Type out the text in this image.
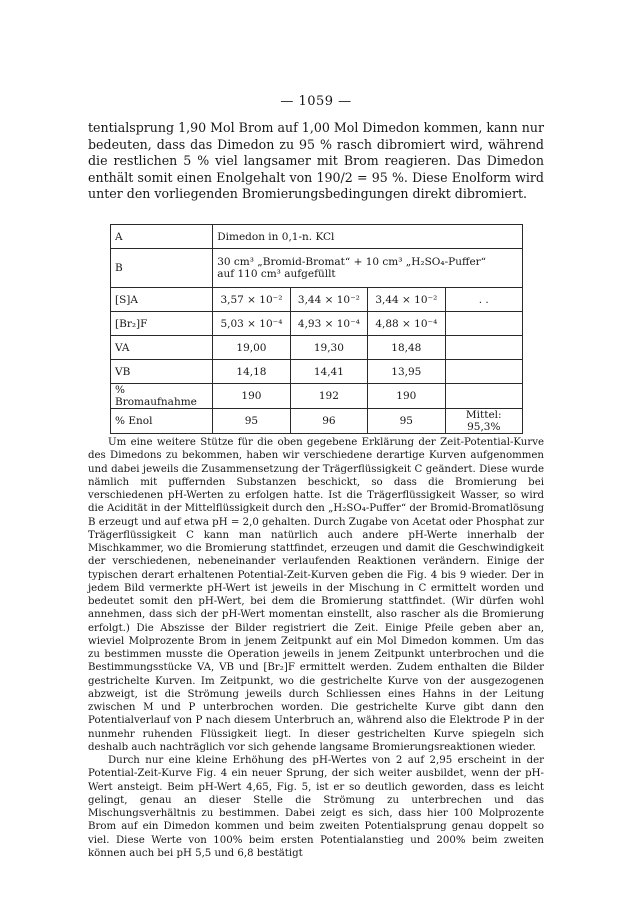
— 1059 —

tentialsprung 1,90 Mol Brom auf 1,00 Mol Dimedon kommen, kann nur bedeuten, dass das Dimedon zu 95 % rasch dibromiert wird, während die restlichen 5 % viel langsamer mit Brom reagieren. Das Dimedon enthält somit einen Enolgehalt von 190/2 = 95 %. Diese Enolform wird unter den vorliegenden Bromierungsbedingungen direkt dibromiert.

A	Dimedon in 0,1-n. KCl			
B	30 cm³ „Bromid-Bromat“ + 10 cm³ „H₂SO₄-Puffer“
auf 110 cm³ aufgefüllt			

[S]A	3,57 × 10⁻²	3,44 × 10⁻²	3,44 × 10⁻²	. .
[Br₂]F	5,03 × 10⁻⁴	4,93 × 10⁻⁴	4,88 × 10⁻⁴	
VA	19,00	19,30	18,48	
VB	14,18	14,41	13,95	
% Bromaufnahme	190	192	190	
% Enol	95	96	95	Mittel: 95,3%

Um eine weitere Stütze für die oben gegebene Erklärung der Zeit-Potential-Kurve des Dimedons zu bekommen, haben wir verschiedene derartige Kurven aufgenommen und dabei jeweils die Zusammensetzung der Trägerflüssigkeit C geändert. Diese wurde nämlich mit puffernden Substanzen beschickt, so dass die Bromierung bei verschiedenen pH-Werten zu erfolgen hatte. Ist die Trägerflüssigkeit Wasser, so wird die Acidität in der Mittelflüssigkeit durch den „H₂SO₄-Puffer“ der Bromid-Bromatlösung B erzeugt und auf etwa pH = 2,0 gehalten. Durch Zugabe von Acetat oder Phosphat zur Trägerflüssigkeit C kann man natürlich auch andere pH-Werte innerhalb der Mischkammer, wo die Bromierung stattfindet, erzeugen und damit die Geschwindigkeit der verschiedenen, nebeneinander verlaufenden Reaktionen verändern. Einige der typischen derart erhaltenen Potential-Zeit-Kurven geben die Fig. 4 bis 9 wieder. Der in jedem Bild vermerkte pH-Wert ist jeweils in der Mischung in C ermittelt worden und bedeutet somit den pH-Wert, bei dem die Bromierung stattfindet. (Wir dürfen wohl annehmen, dass sich der pH-Wert momentan einstellt, also rascher als die Bromierung erfolgt.) Die Abszisse der Bilder registriert die Zeit. Einige Pfeile geben aber an, wieviel Molprozente Brom in jenem Zeitpunkt auf ein Mol Dimedon kommen. Um das zu bestimmen musste die Operation jeweils in jenem Zeitpunkt unterbrochen und die Bestimmungsstücke VA, VB und [Br₂]F ermittelt werden. Zudem enthalten die Bilder gestrichelte Kurven. Im Zeitpunkt, wo die gestrichelte Kurve von der ausgezogenen abzweigt, ist die Strömung jeweils durch Schliessen eines Hahns in der Leitung zwischen M und P unterbrochen worden. Die gestrichelte Kurve gibt dann den Potentialverlauf von P nach diesem Unterbruch an, während also die Elektrode P in der nunmehr ruhenden Flüssigkeit liegt. In dieser gestrichelten Kurve spiegeln sich deshalb auch nachträglich vor sich gehende langsame Bromierungsreaktionen wieder.

Durch nur eine kleine Erhöhung des pH-Wertes von 2 auf 2,95 erscheint in der Potential-Zeit-Kurve Fig. 4 ein neuer Sprung, der sich weiter ausbildet, wenn der pH-Wert ansteigt. Beim pH-Wert 4,65, Fig. 5, ist er so deutlich geworden, dass es leicht gelingt, genau an dieser Stelle die Strömung zu unterbrechen und das Mischungsverhältnis zu bestimmen. Dabei zeigt es sich, dass hier 100 Molprozente Brom auf ein Dimedon kommen und beim zweiten Potentialsprung genau doppelt so viel. Diese Werte von 100% beim ersten Potentialanstieg und 200% beim zweiten können auch bei pH 5,5 und 6,8 bestätigt
